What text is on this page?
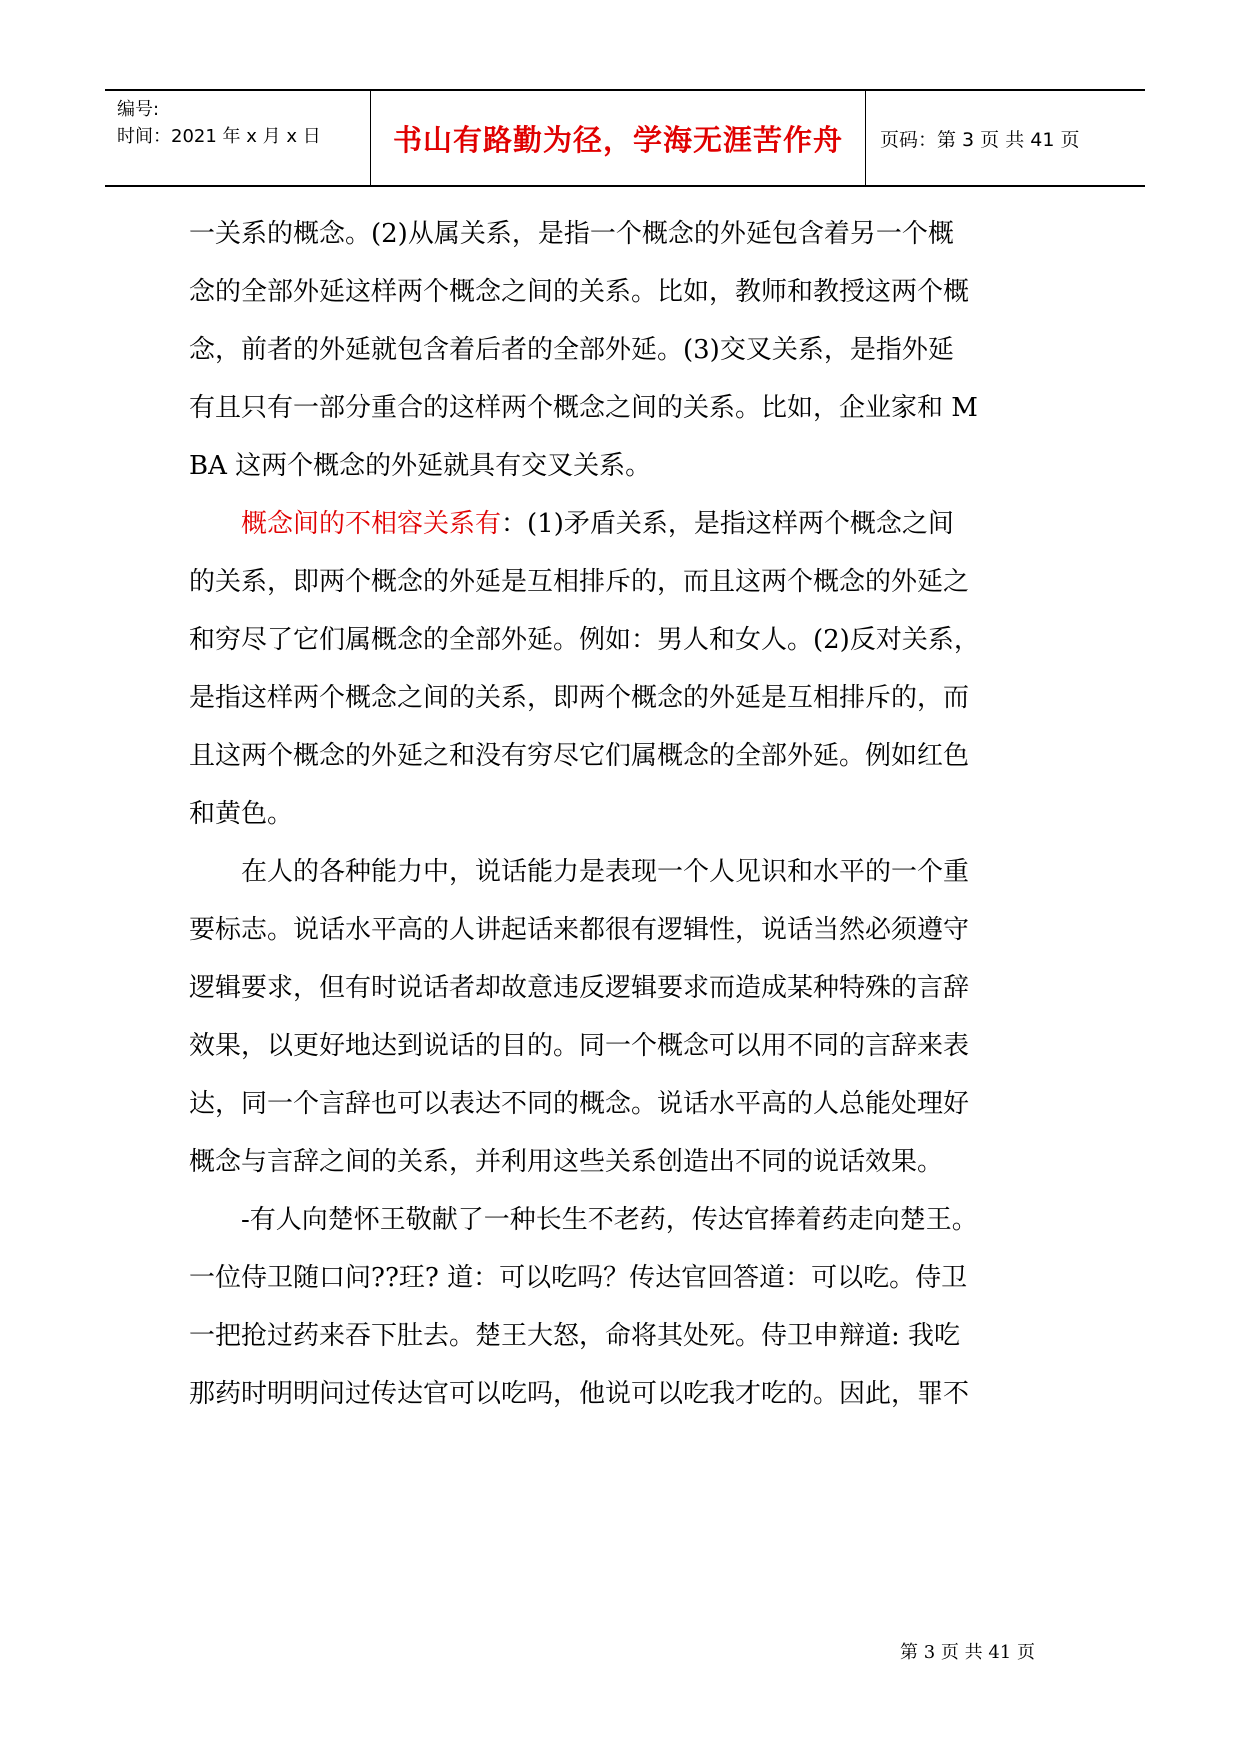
编号:
时间：2021 年 x 月 x 日 书山有路勤为径，学海无涯苦作舟	页码：第 3 页 共 41 页
一关系的概念。(2)从属关系，是指一个概念的外延包含着另一个概
念的全部外延这样两个概念之间的关系。比如，教师和教授这两个概
念，前者的外延就包含着后者的全部外延。(3)交叉关系，是指外延
有且只有一部分重合的这样两个概念之间的关系。比如，企业家和 M
BA 这两个概念的外延就具有交叉关系。
概念间的不相容关系有：(1)矛盾关系，是指这样两个概念之间
的关系，即两个概念的外延是互相排斥的，而且这两个概念的外延之
和穷尽了它们属概念的全部外延。例如：男人和女人。(2)反对关系，
是指这样两个概念之间的关系，即两个概念的外延是互相排斥的，而
且这两个概念的外延之和没有穷尽它们属概念的全部外延。例如红色
和黄色。
在人的各种能力中，说话能力是表现一个人见识和水平的一个重
要标志。说话水平高的人讲起话来都很有逻辑性，说话当然必须遵守
逻辑要求，但有时说话者却故意违反逻辑要求而造成某种特殊的言辞
效果，以更好地达到说话的目的。同一个概念可以用不同的言辞来表
达，同一个言辞也可以表达不同的概念。说话水平高的人总能处理好
概念与言辞之间的关系，并利用这些关系创造出不同的说话效果。
-有人向楚怀王敬献了一种长生不老药，传达官捧着药走向楚王。
一位侍卫随口问??玨? 道：可以吃吗？传达官回答道：可以吃。侍卫
一把抢过药来吞下肚去。楚王大怒，命将其处死。侍卫申辩道: 我吃
那药时明明问过传达官可以吃吗，他说可以吃我才吃的。因此，罪不
第 3 页 共 41 页
